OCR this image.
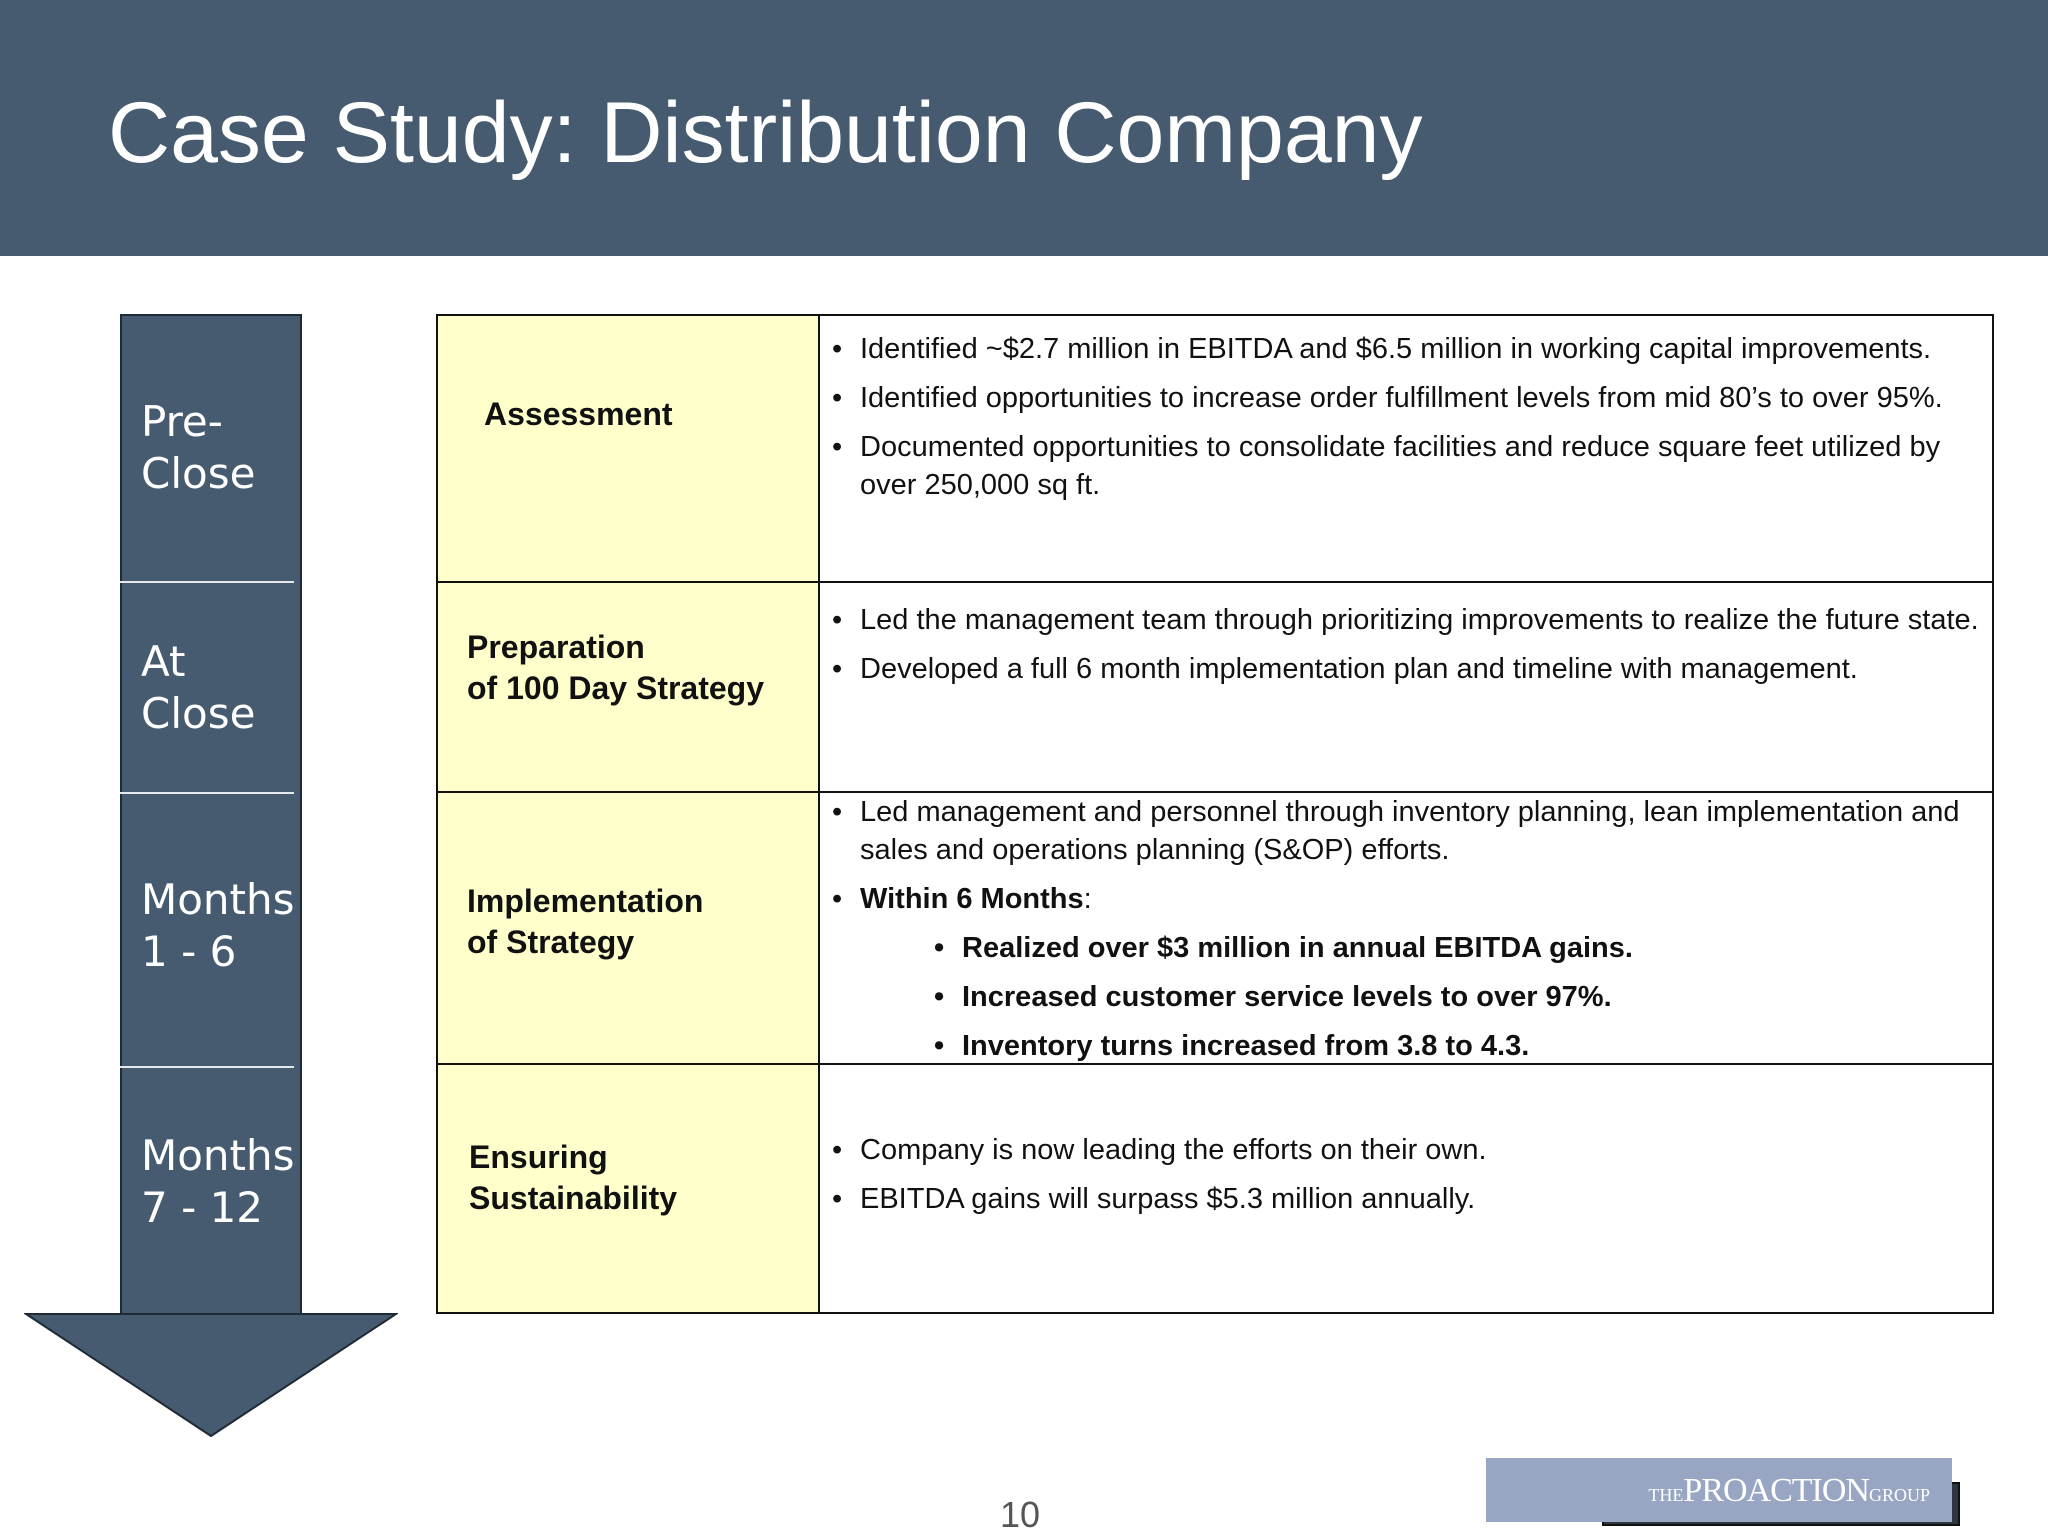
Case Study: Distribution Company
Pre-
Close
At
Close
Months
1 - 6
Months
7 - 12
Assessment
• Identified ~$2.7 million in EBITDA and $6.5 million in working capital improvements.
• Identified opportunities to increase order fulfillment levels from mid 80’s to over 95%.
• Documented opportunities to consolidate facilities and reduce square feet utilized by over 250,000 sq ft.
Preparation
of 100 Day Strategy
• Led the management team through prioritizing improvements to realize the future state.
• Developed a full 6 month implementation plan and timeline with management.
Implementation
of Strategy
• Led management and personnel through inventory planning, lean implementation and sales and operations planning (S&OP) efforts.
• Within 6 Months:
• Realized over $3 million in annual EBITDA gains.
• Increased customer service levels to over 97%.
• Inventory turns increased from 3.8 to 4.3.
Ensuring
Sustainability
• Company is now leading the efforts on their own.
• EBITDA gains will surpass $5.3 million annually.
10	THEPROACTIONGROUP
